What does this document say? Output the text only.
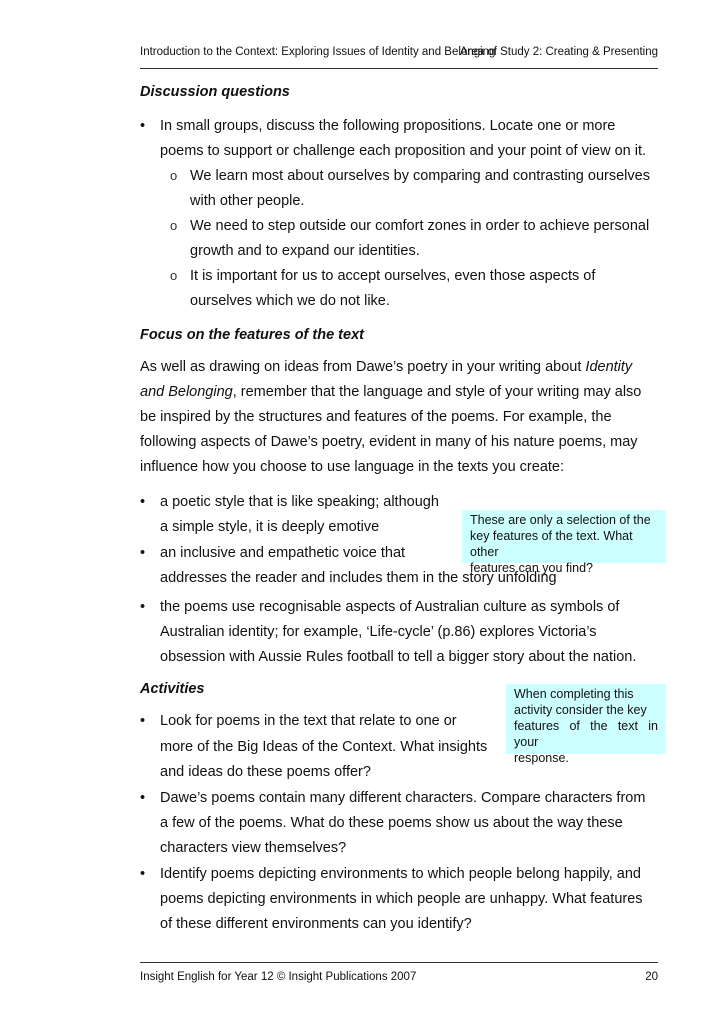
Introduction to the Context: Exploring Issues of Identity and Belonging
Area of Study 2: Creating & Presenting
Discussion questions
• In small groups, discuss the following propositions. Locate one or more
poems to support or challenge each proposition and your point of view on it.
o We learn most about ourselves by comparing and contrasting ourselves
with other people.
o We need to step outside our comfort zones in order to achieve personal
growth and to expand our identities.
o It is important for us to accept ourselves, even those aspects of
ourselves which we do not like.
Focus on the features of the text
As well as drawing on ideas from Dawe’s poetry in your writing about Identity
and Belonging, remember that the language and style of your writing may also
be inspired by the structures and features of the poems. For example, the
following aspects of Dawe’s poetry, evident in many of his nature poems, may
influence how you choose to use language in the texts you create:
• a poetic style that is like speaking; although
a simple style, it is deeply emotive
• an inclusive and empathetic voice that
addresses the reader and includes them in the story unfolding
• the poems use recognisable aspects of Australian culture as symbols of
Australian identity; for example, ‘Life-cycle’ (p.86) explores Victoria’s
obsession with Aussie Rules football to tell a bigger story about the nation.
These are only a selection of the
key features of the text. What other
features can you find?
Activities	When completing this
activity consider the key
features of the text in your
response.
• Look for poems in the text that relate to one or
more of the Big Ideas of the Context. What insights
and ideas do these poems offer?
• Dawe’s poems contain many different characters. Compare characters from
a few of the poems. What do these poems show us about the way these
characters view themselves?
• Identify poems depicting environments to which people belong happily, and
poems depicting environments in which people are unhappy. What features
of these different environments can you identify?
Insight English for Year 12 © Insight Publications 2007	20
